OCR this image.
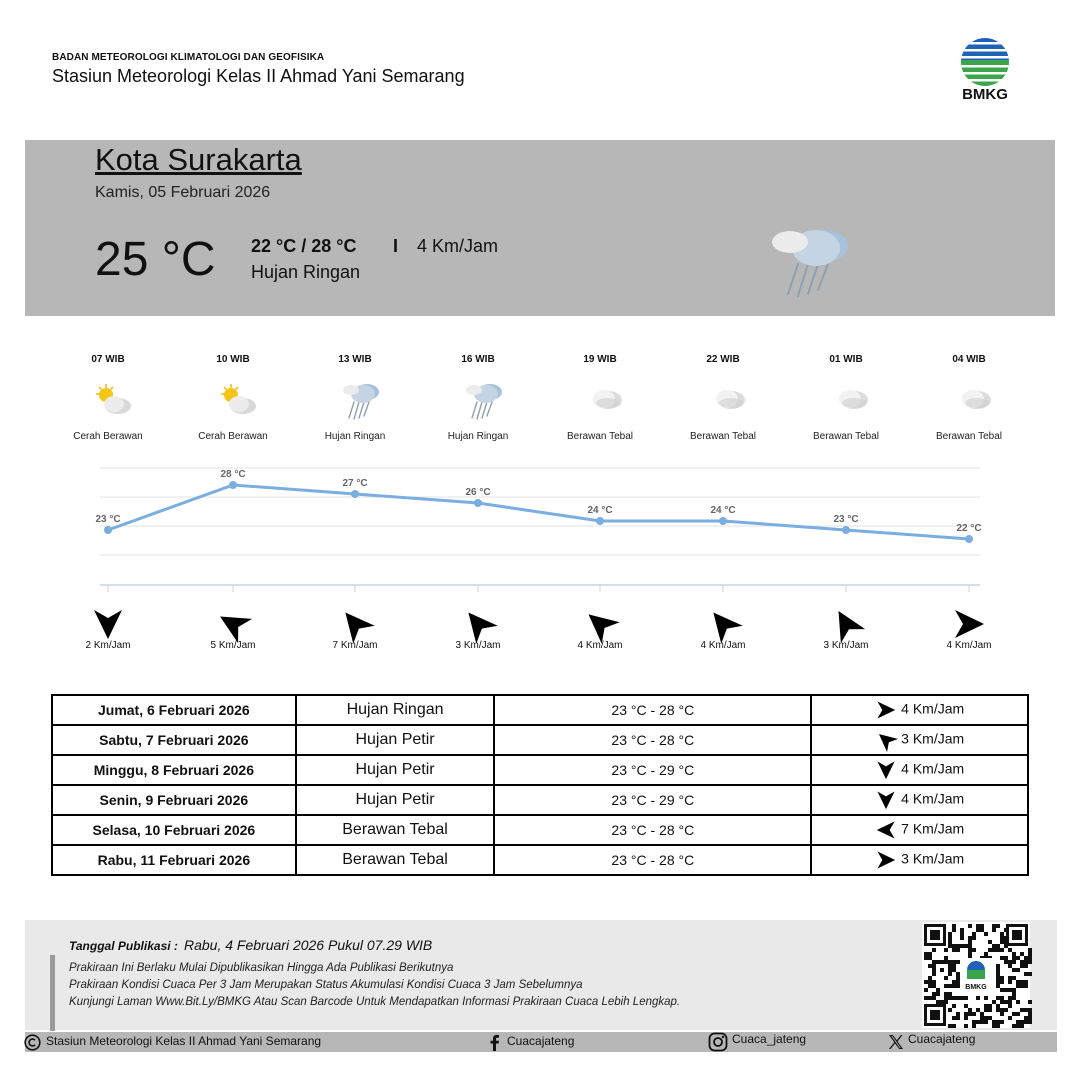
BADAN METEOROLOGI KLIMATOLOGI DAN GEOFISIKA
Stasiun Meteorologi Kelas II Ahmad Yani Semarang
BMKG
Kota Surakarta
Kamis, 05 Februari 2026
25 °C 22 °C / 28 °C I 4 Km/Jam
Hujan Ringan
07 WIB
Cerah Berawan
2 Km/Jam
10 WIB
Cerah Berawan
5 Km/Jam
13 WIB
Hujan Ringan
7 Km/Jam
16 WIB
Hujan Ringan
3 Km/Jam
19 WIB
Berawan Tebal
4 Km/Jam
22 WIB
Berawan Tebal
4 Km/Jam
01 WIB
Berawan Tebal
3 Km/Jam
04 WIB
Berawan Tebal
4 Km/Jam
23 °C
28 °C
27 °C
26 °C
24 °C	24 °C
23 °C
22 °C
Jumat, 6 Februari 2026	Hujan Ringan	23 °C - 28 °C	4 Km/Jam
Sabtu, 7 Februari 2026	Hujan Petir	23 °C - 28 °C	3 Km/Jam
Minggu, 8 Februari 2026	Hujan Petir	23 °C - 29 °C	4 Km/Jam
Senin, 9 Februari 2026	Hujan Petir	23 °C - 29 °C	4 Km/Jam
Selasa, 10 Februari 2026	Berawan Tebal	23 °C - 28 °C	7 Km/Jam
Rabu, 11 Februari 2026	Berawan Tebal	23 °C - 28 °C	3 Km/Jam
Tanggal Publikasi : Rabu, 4 Februari 2026 Pukul 07.29 WIB
Prakiraan Ini Berlaku Mulai Dipublikasikan Hingga Ada Publikasi Berikutnya
Prakiraan Kondisi Cuaca Per 3 Jam Merupakan Status Akumulasi Kondisi Cuaca 3 Jam Sebelumnya
Kunjungi Laman Www.Bit.Ly/BMKG Atau Scan Barcode Untuk Mendapatkan Informasi Prakiraan Cuaca Lebih Lengkap.
BMKG
Stasiun Meteorologi Kelas II Ahmad Yani Semarang	Cuacajateng	Cuaca_jateng	Cuacajateng
